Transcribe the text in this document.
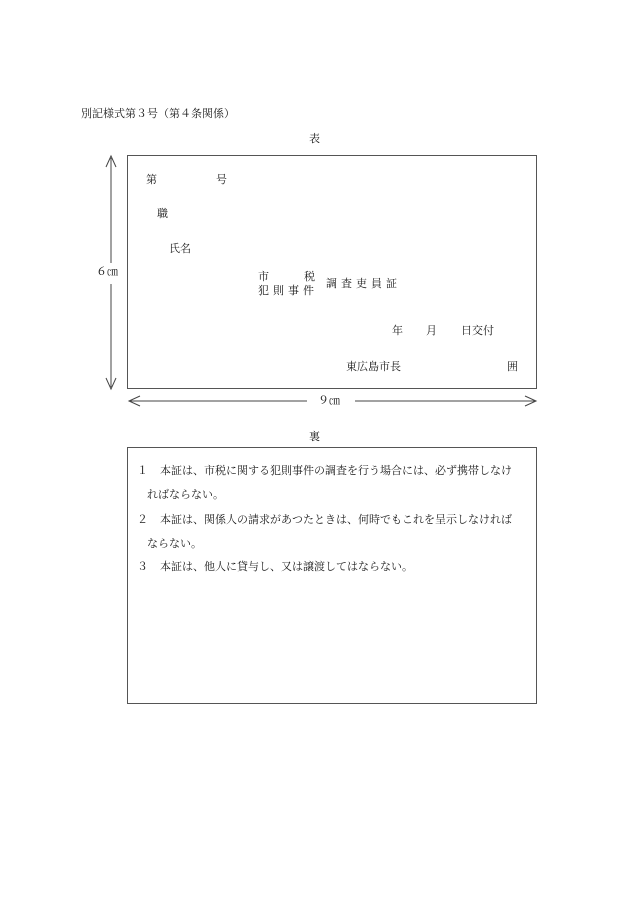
別記様式第３号（第４条関係）
表
６㎝
９㎝
第	号
職
氏名
市	税
犯則事件
調査吏員証
年 月 日交付
東広島市長	囲
裏
１ 本証は、市税に関する犯則事件の調査を行う場合には、必ず携帯しなけ
ればならない。
２ 本証は、関係人の請求があつたときは、何時でもこれを呈示しなければ
ならない。
３ 本証は、他人に貸与し、又は譲渡してはならない。
